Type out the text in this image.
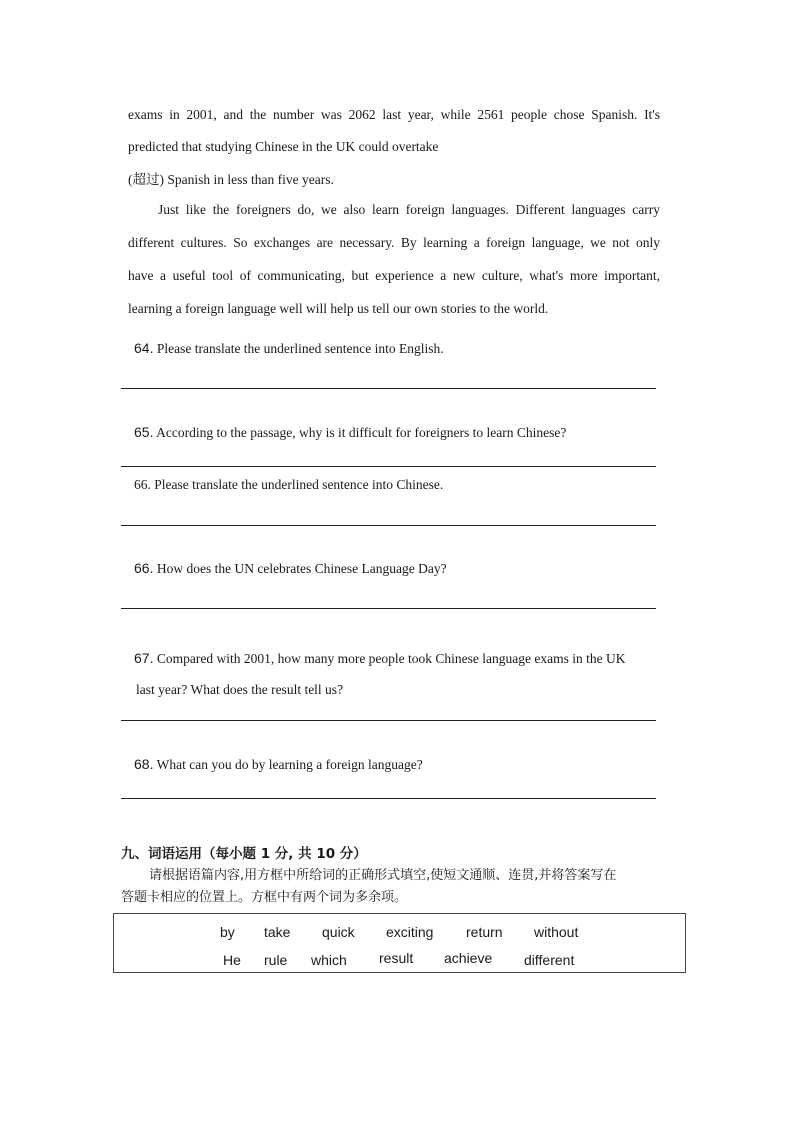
exams in 2001, and the number was 2062 last year, while 2561 people chose Spanish. It's
predicted that studying Chinese in the UK could overtake
(超过) Spanish in less than five years.
Just like the foreigners do, we also learn foreign languages. Different languages carry
different cultures. So exchanges are necessary. By learning a foreign language, we not only
have a useful tool of communicating, but experience a new culture, what's more important,
learning a foreign language well will help us tell our own stories to the world.
64. Please translate the underlined sentence into English.
65. According to the passage, why is it difficult for foreigners to learn Chinese?
66. Please translate the underlined sentence into Chinese.
66. How does the UN celebrates Chinese Language Day?
67. Compared with 2001, how many more people took Chinese language exams in the UK
last year? What does the result tell us?
68. What can you do by learning a foreign language?
九、词语运用（每小题 1 分, 共 10 分）
请根据语篇内容,用方框中所给词的正确形式填空,使短文通顺、连贯,并将答案写在
答题卡相应的位置上。方框中有两个词为多余项。
by take quick exciting return without
He rule which result achieve different
